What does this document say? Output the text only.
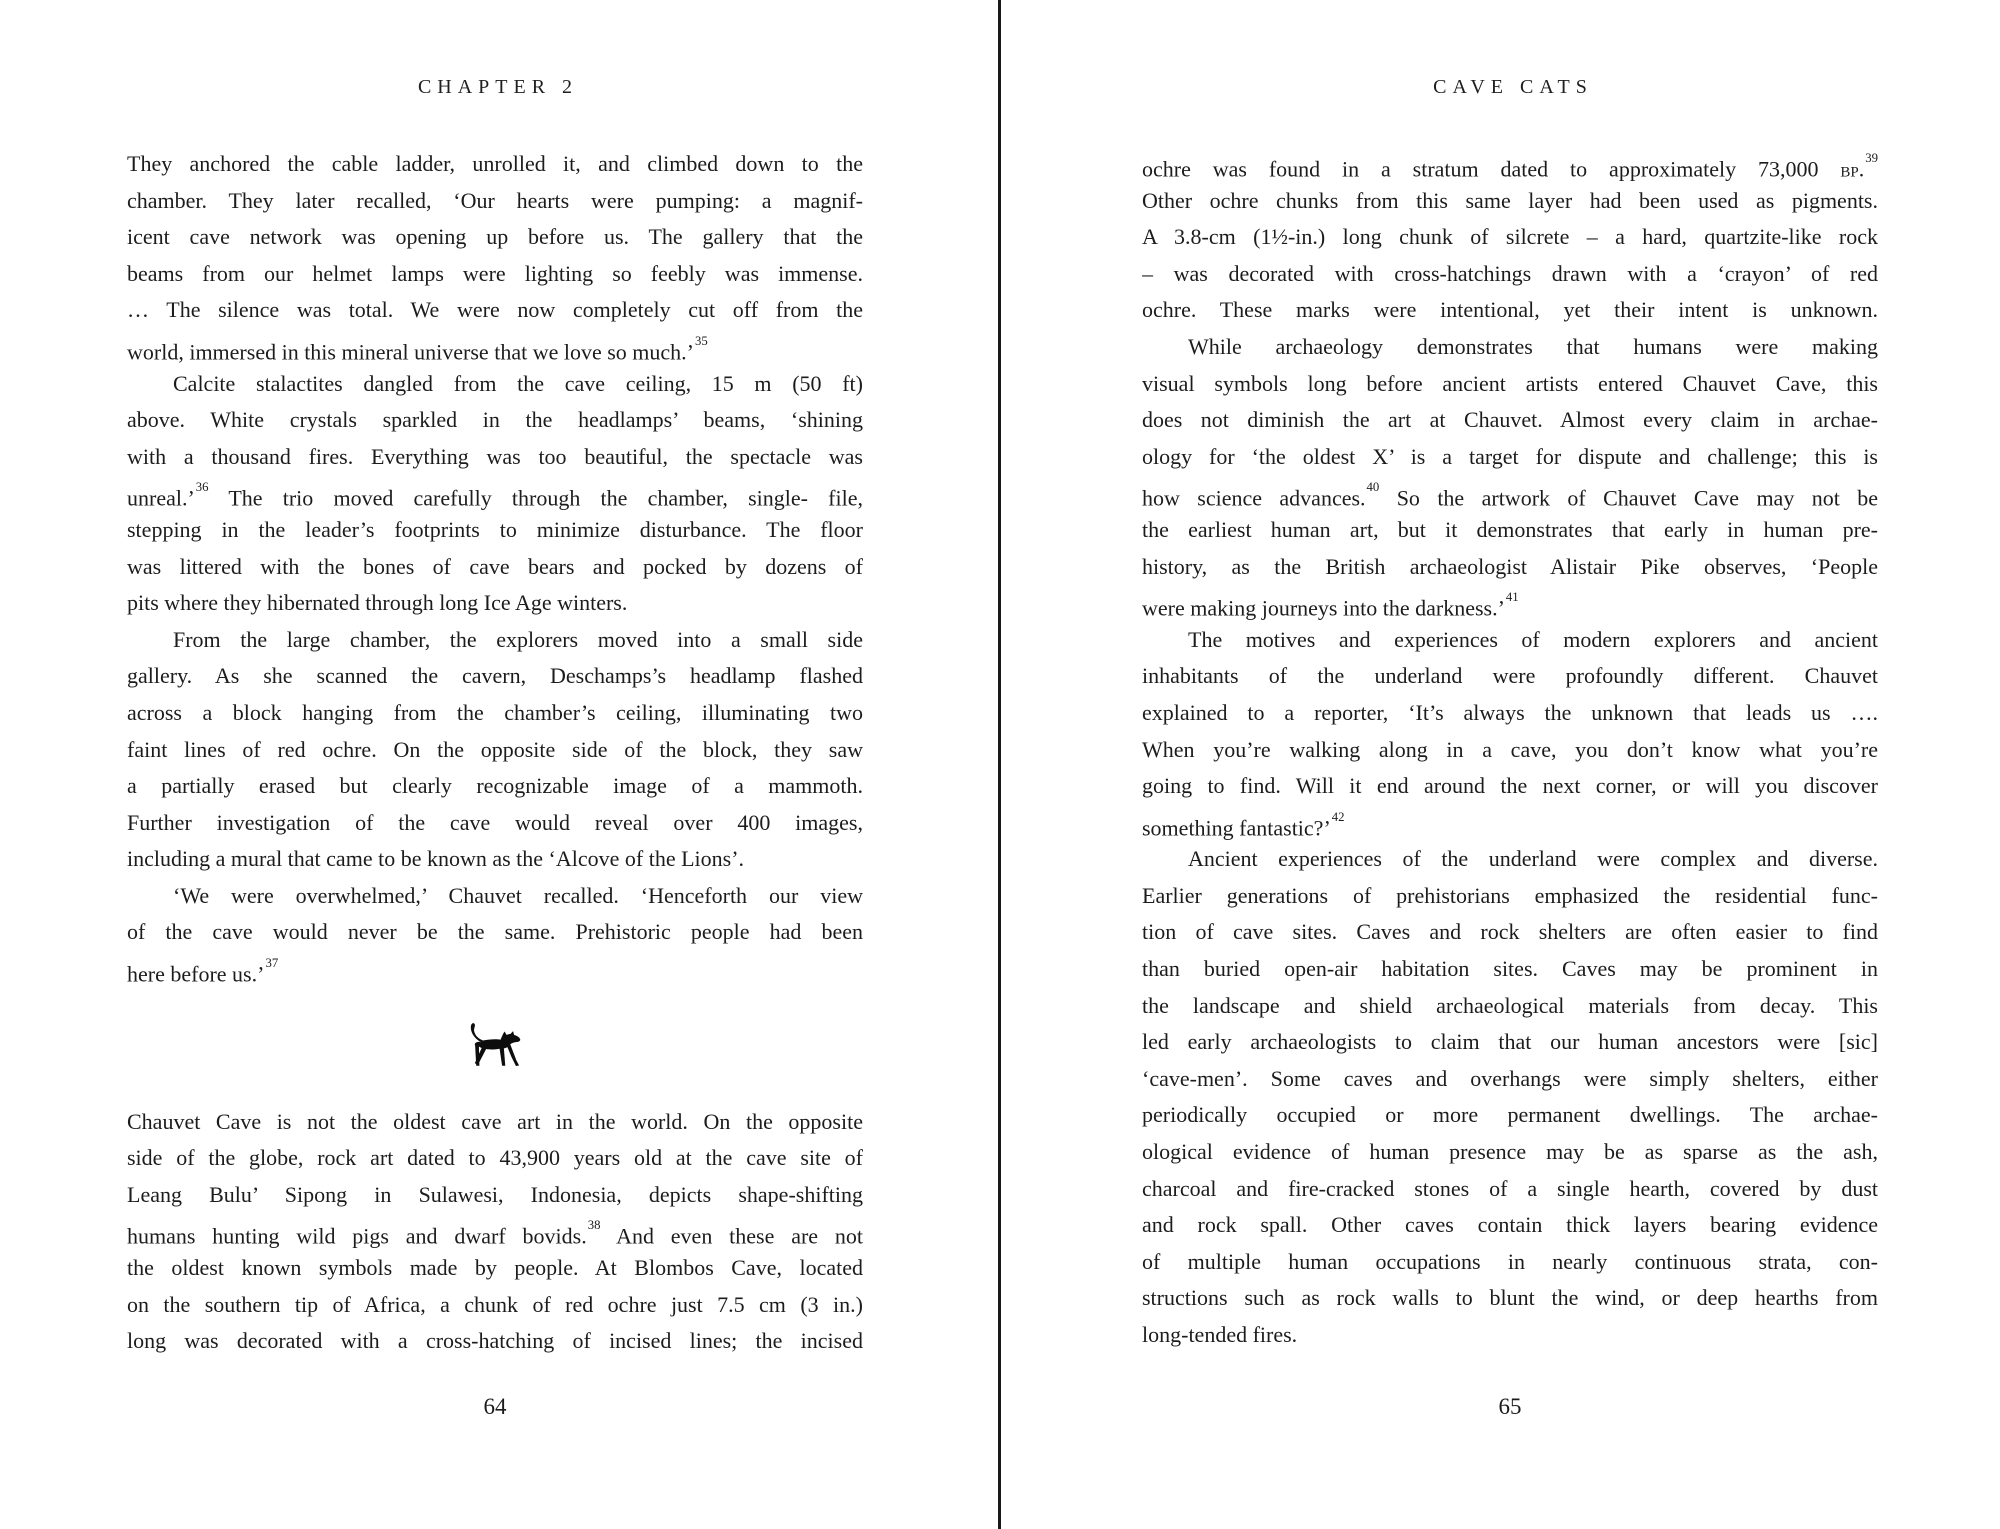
CHAPTER 2
They anchored the cable ladder, unrolled it, and climbed down to the
chamber. They later recalled, ‘Our hearts were pumping: a magnif-
icent cave network was opening up before us. The gallery that the
beams from our helmet lamps were lighting so feebly was immense.
… The silence was total. We were now completely cut off from the
world, immersed in this mineral universe that we love so much.’$^{35}$
Calcite stalactites dangled from the cave ceiling, 15 m (50 ft)
above. White crystals sparkled in the headlamps’ beams, ‘shining
with a thousand fires. Everything was too beautiful, the spectacle was
unreal.’$^{36}$ The trio moved carefully through the chamber, single- file,
stepping in the leader’s footprints to minimize disturbance. The floor
was littered with the bones of cave bears and pocked by dozens of
pits where they hibernated through long Ice Age winters.
From the large chamber, the explorers moved into a small side
gallery. As she scanned the cavern, Deschamps’s headlamp flashed
across a block hanging from the chamber’s ceiling, illuminating two
faint lines of red ochre. On the opposite side of the block, they saw
a partially erased but clearly recognizable image of a mammoth.
Further investigation of the cave would reveal over 400 images,
including a mural that came to be known as the ‘Alcove of the Lions’.
‘We were overwhelmed,’ Chauvet recalled. ‘Henceforth our view
of the cave would never be the same. Prehistoric people had been
here before us.’$^{37}$
Chauvet Cave is not the oldest cave art in the world. On the opposite
side of the globe, rock art dated to 43,900 years old at the cave site of
Leang Bulu’ Sipong in Sulawesi, Indonesia, depicts shape-shifting
humans hunting wild pigs and dwarf bovids.$^{38}$ And even these are not
the oldest known symbols made by people. At Blombos Cave, located
on the southern tip of Africa, a chunk of red ochre just 7.5 cm (3 in.)
long was decorated with a cross-hatching of incised lines; the incised
64
CAVE CATS
ochre was found in a stratum dated to approximately 73,000 bp.$^{39}$
Other ochre chunks from this same layer had been used as pigments.
A 3.8-cm (1½-in.) long chunk of silcrete – a hard, quartzite-like rock
– was decorated with cross-hatchings drawn with a ‘crayon’ of red
ochre. These marks were intentional, yet their intent is unknown.
While archaeology demonstrates that humans were making
visual symbols long before ancient artists entered Chauvet Cave, this
does not diminish the art at Chauvet. Almost every claim in archae-
ology for ‘the oldest X’ is a target for dispute and challenge; this is
how science advances.$^{40}$ So the artwork of Chauvet Cave may not be
the earliest human art, but it demonstrates that early in human pre-
history, as the British archaeologist Alistair Pike observes, ‘People
were making journeys into the darkness.’$^{41}$
The motives and experiences of modern explorers and ancient
inhabitants of the underland were profoundly different. Chauvet
explained to a reporter, ‘It’s always the unknown that leads us ….
When you’re walking along in a cave, you don’t know what you’re
going to find. Will it end around the next corner, or will you discover
something fantastic?’$^{42}$
Ancient experiences of the underland were complex and diverse.
Earlier generations of prehistorians emphasized the residential func-
tion of cave sites. Caves and rock shelters are often easier to find
than buried open-air habitation sites. Caves may be prominent in
the landscape and shield archaeological materials from decay. This
led early archaeologists to claim that our human ancestors were [sic]
‘cave-men’. Some caves and overhangs were simply shelters, either
periodically occupied or more permanent dwellings. The archae-
ological evidence of human presence may be as sparse as the ash,
charcoal and fire-cracked stones of a single hearth, covered by dust
and rock spall. Other caves contain thick layers bearing evidence
of multiple human occupations in nearly continuous strata, con-
structions such as rock walls to blunt the wind, or deep hearths from
long-tended fires.
65
